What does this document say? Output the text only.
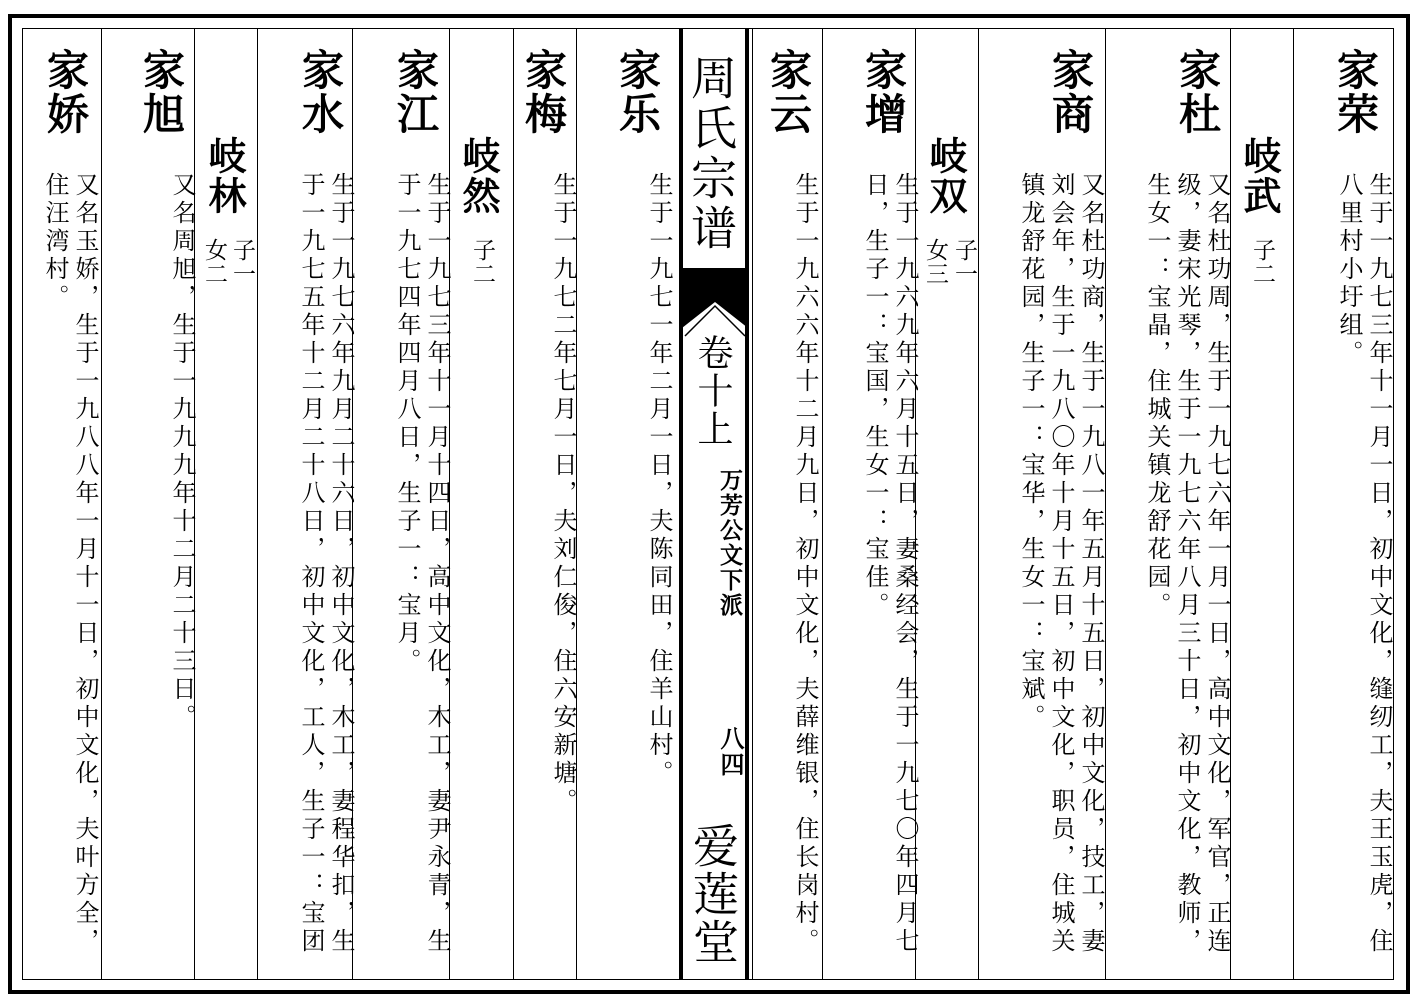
家荣
生于一九七三年十一月一日，初中文化，缝纫工，夫王玉虎，住八里村小圩组。
岐武
子二
家杜
又名杜功周，生于一九七六年一月一日，高中文化，军官，正连级，妻宋光琴，生于一九七六年八月三十日，初中文化，教师，生女一：宝晶，住城关镇龙舒花园。
家商
又名杜功商，生于一九八一年五月十五日，初中文化，技工，妻刘会年，生于一九八〇年十月十五日，初中文化，职员，住城关镇龙舒花园，生子一：宝华，生女一：宝斌。
岐双
子一
女三
家增
生于一九六九年六月十五日，妻桑经会，生于一九七〇年四月七日，生子一：宝国，生女一：宝佳。
家云
生于一九六六年十二月九日，初中文化，夫薛维银，住长岗村。
周氏宗谱
卷十上
万芳公文下派
八四
爱莲堂
家乐
生于一九七一年二月一日，夫陈同田，住羊山村。
家梅
生于一九七二年七月一日，夫刘仁俊，住六安新塘。
岐然
子二
家江
生于一九七三年十一月十四日，高中文化，木工，妻尹永青，生于一九七四年四月八日，生子一：宝月。
家水
生于一九七六年九月二十六日，初中文化，木工，妻程华扣，生于一九七五年十二月二十八日，初中文化，工人，生子一：宝团
岐林
子一
女二
家旭
又名周旭，生于一九九九年十二月二十三日。
家娇
又名玉娇，生于一九八八年一月十一日，初中文化，夫叶方全，住汪湾村。
